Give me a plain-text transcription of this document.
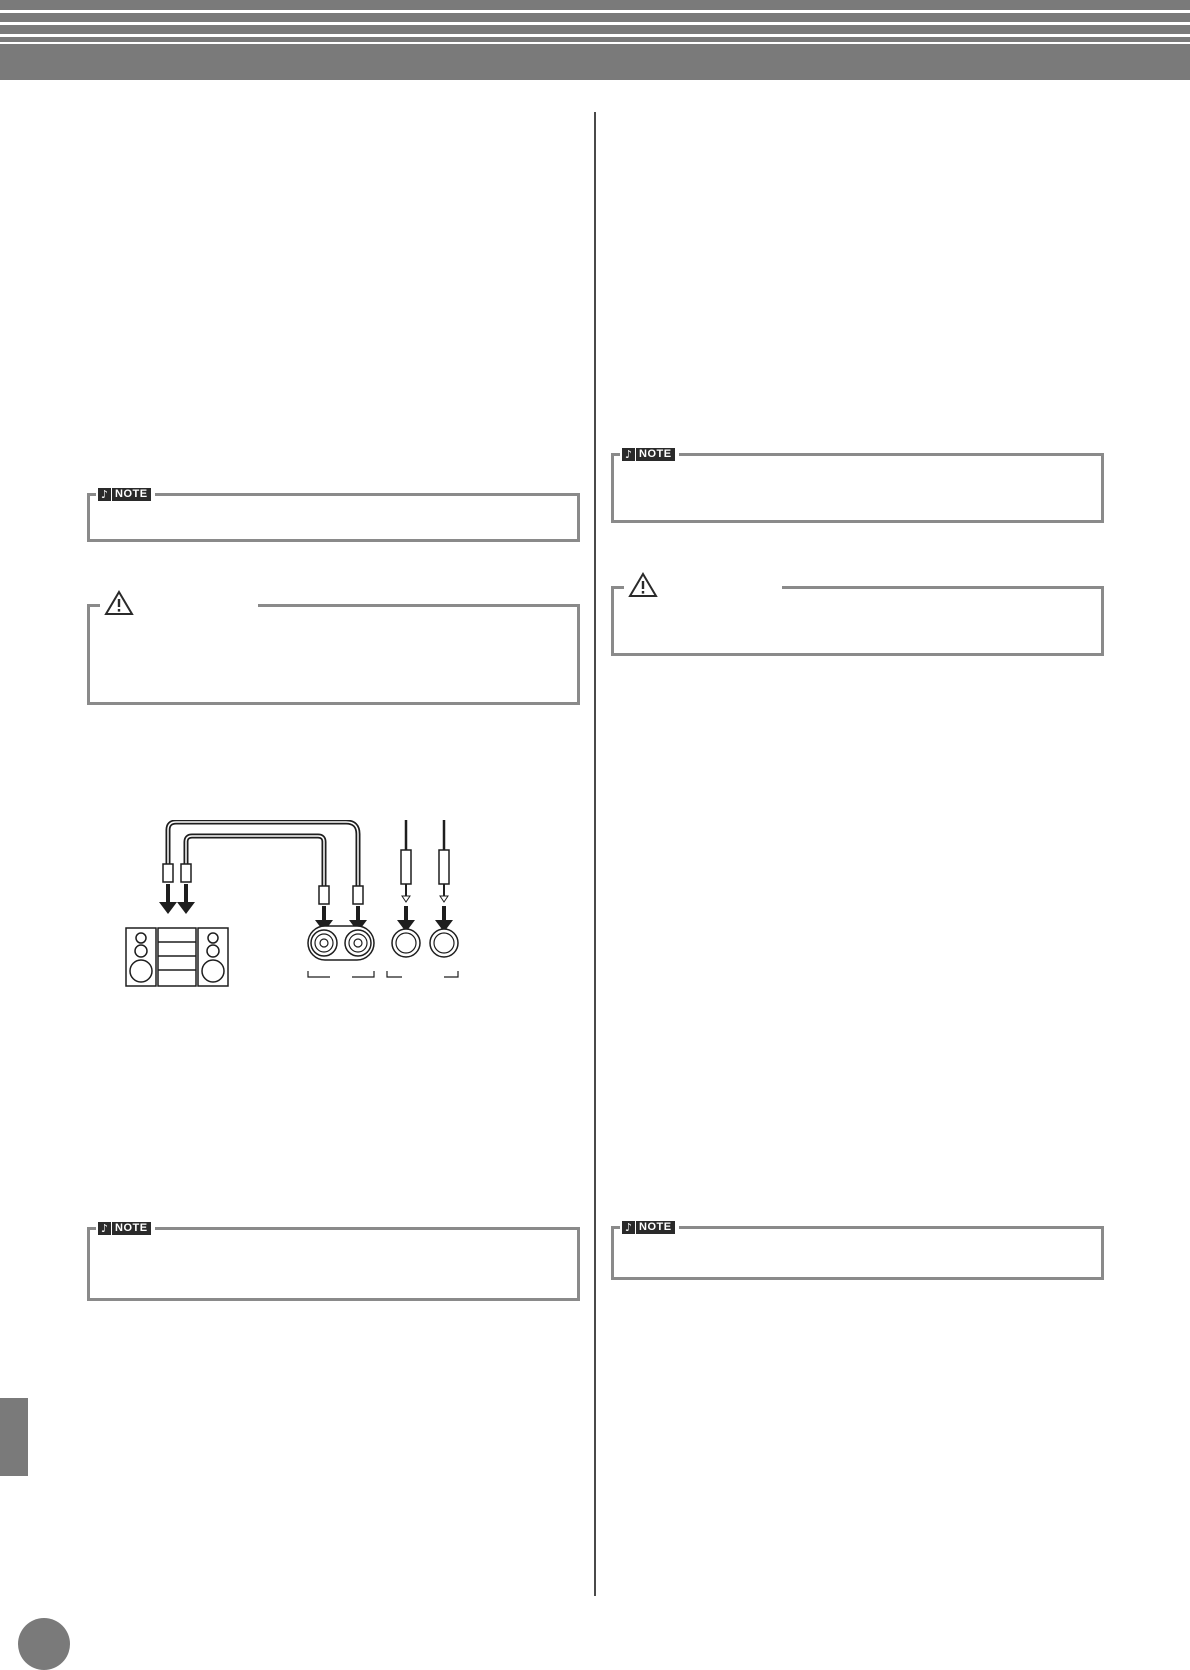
♪ NOTE
♪ NOTE
♪ NOTE
♪ NOTE
